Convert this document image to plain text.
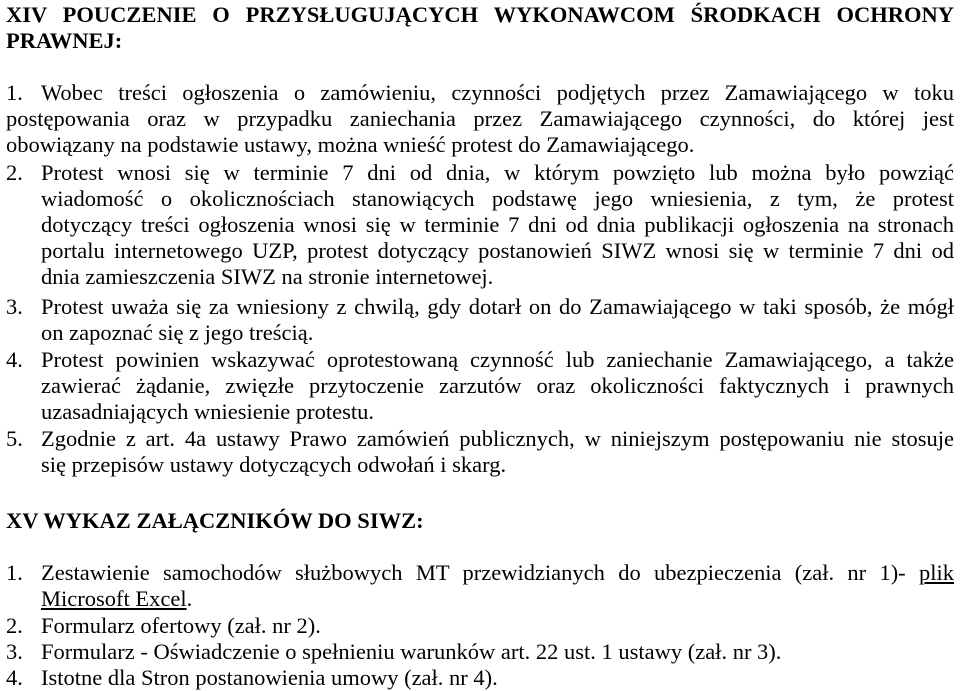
XIV POUCZENIE O PRZYSŁUGUJĄCYCH WYKONAWCOM ŚRODKACH OCHRONY
PRAWNEJ:
1. Wobec treści ogłoszenia o zamówieniu, czynności podjętych przez Zamawiającego w toku
postępowania oraz w przypadku zaniechania przez Zamawiającego czynności, do której jest
obowiązany na podstawie ustawy, można wnieść protest do Zamawiającego.
2. Protest wnosi się w terminie 7 dni od dnia, w którym powzięto lub można było powziąć
wiadomość o okolicznościach stanowiących podstawę jego wniesienia, z tym, że protest
dotyczący treści ogłoszenia wnosi się w terminie 7 dni od dnia publikacji ogłoszenia na stronach
portalu internetowego UZP, protest dotyczący postanowień SIWZ wnosi się w terminie 7 dni od
dnia zamieszczenia SIWZ na stronie internetowej.
3. Protest uważa się za wniesiony z chwilą, gdy dotarł on do Zamawiającego w taki sposób, że mógł
on zapoznać się z jego treścią.
4. Protest powinien wskazywać oprotestowaną czynność lub zaniechanie Zamawiającego, a także
zawierać żądanie, zwięzłe przytoczenie zarzutów oraz okoliczności faktycznych i prawnych
uzasadniających wniesienie protestu.
5. Zgodnie z art. 4a ustawy Prawo zamówień publicznych, w niniejszym postępowaniu nie stosuje
się przepisów ustawy dotyczących odwołań i skarg.
XV WYKAZ ZAŁĄCZNIKÓW DO SIWZ:
1. Zestawienie samochodów służbowych MT przewidzianych do ubezpieczenia (zał. nr 1)- plik
Microsoft Excel.
2. Formularz ofertowy (zał. nr 2).
3. Formularz - Oświadczenie o spełnieniu warunków art. 22 ust. 1 ustawy (zał. nr 3).
4. Istotne dla Stron postanowienia umowy (zał. nr 4).
